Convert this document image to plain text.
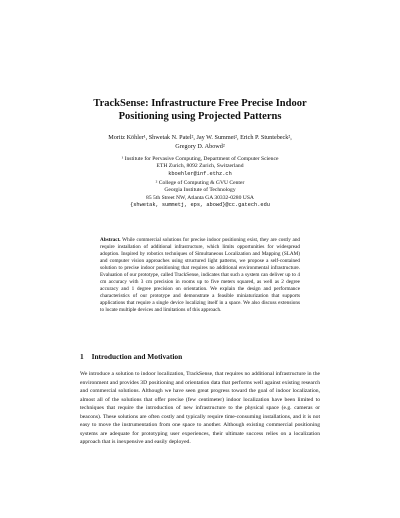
TrackSense: Infrastructure Free Precise Indoor
Positioning using Projected Patterns
Moritz Köhler¹, Shwetak N. Patel², Jay W. Summet², Erich P. Stuntebeck²,
Gregory D. Abowd²
¹ Institute for Pervasive Computing, Department of Computer Science
ETH Zurich, 8092 Zurich, Switzerland
kboehler@inf.ethz.ch
² College of Computing & GVU Center
Georgia Institute of Technology
85 5th Street NW, Atlanta GA 30332-0280 USA
{shwetak, summetj, eps, abowd}@cc.gatech.edu

Abstract. While commercial solutions for precise indoor positioning exist, they are costly and require installation of additional infrastructure, which limits opportunities for widespread adoption. Inspired by robotics techniques of Simultaneous Localization and Mapping (SLAM) and computer vision approaches using structured light patterns, we propose a self-contained solution to precise indoor positioning that requires no additional environmental infrastructure. Evaluation of our prototype, called TrackSense, indicates that such a system can deliver up to 4 cm accuracy with 3 cm precision in rooms up to five meters squared, as well as 2 degree accuracy and 1 degree precision on orientation. We explain the design and performance characteristics of our prototype and demonstrate a feasible miniaturization that supports applications that require a single device localizing itself in a space. We also discuss extensions to locate multiple devices and limitations of this approach.

1 Introduction and Motivation

We introduce a solution to indoor localization, TrackSense, that requires no additional infrastructure in the environment and provides 3D positioning and orientation data that performs well against existing research and commercial solutions. Although we have seen great progress toward the goal of indoor localization, almost all of the solutions that offer precise (few centimeter) indoor localization have been limited to techniques that require the introduction of new infrastructure to the physical space (e.g. cameras or beacons). These solutions are often costly and typically require time-consuming installations, and it is not easy to move the instrumentation from one space to another. Although existing commercial positioning systems are adequate for prototyping user experiences, their ultimate success relies on a localization approach that is inexpensive and easily deployed.
